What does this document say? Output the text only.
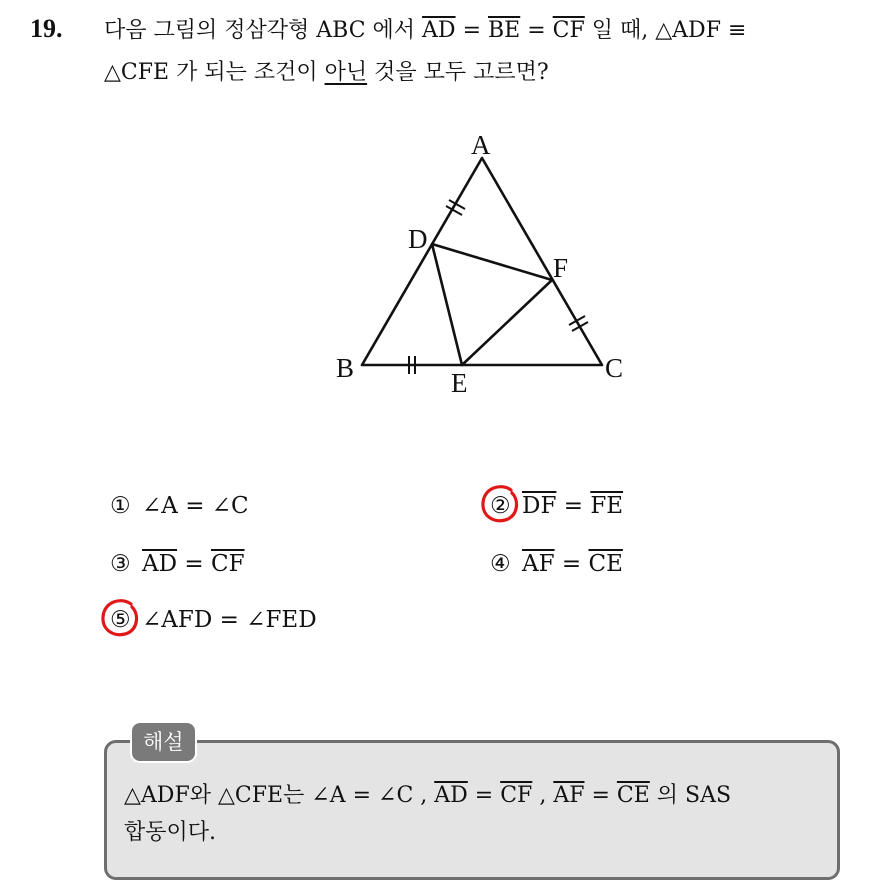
19. 다음 그림의 정삼각형 ABC 에서 $\overline{AD} = \overline{BE} = \overline{CF}$ 일 때, △ADF ≡
△CFE 가 되는 조건이 아닌 것을 모두 고르면?
A
B	C
D
E
F
① ∠A = ∠C	② $\overline{DF} = \overline{FE}$
③ $\overline{AD} = \overline{CF}$	④ $\overline{AF} = \overline{CE}$
⑤ ∠AFD = ∠FED
해설
△ADF와 △CFE는 ∠A = ∠C , $\overline{AD} = \overline{CF}$ , $\overline{AF} = \overline{CE}$ 의 SAS
합동이다.
